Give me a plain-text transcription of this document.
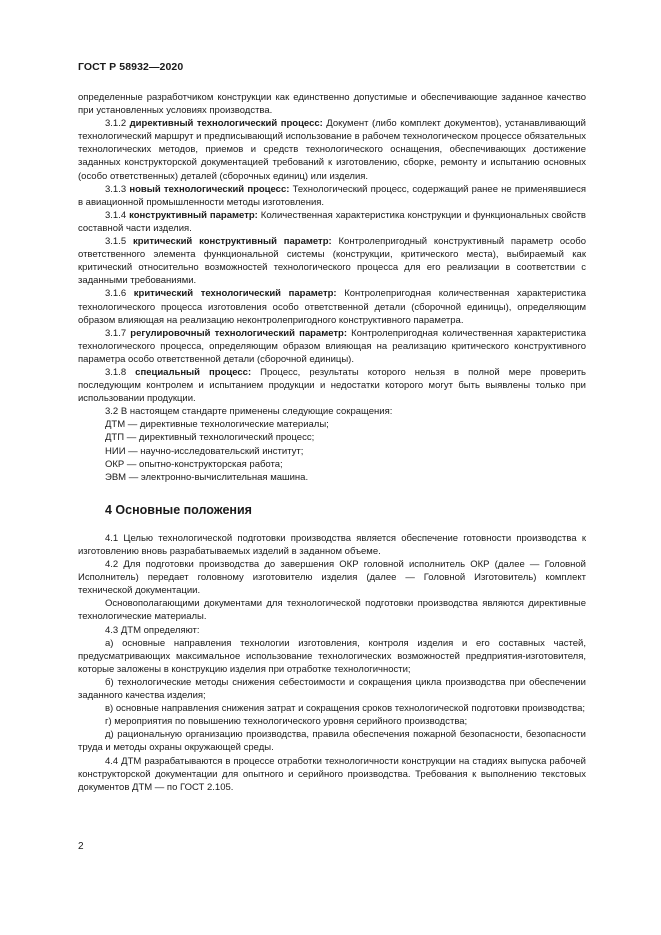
ГОСТ Р 58932—2020

определенные разработчиком конструкции как единственно допустимые и обеспечивающие заданное качество при установленных условиях производства.

3.1.2 директивный технологический процесс: Документ (либо комплект документов), устанавливающий технологический маршрут и предписывающий использование в рабочем технологическом процессе обязательных технологических методов, приемов и средств технологического оснащения, обеспечивающих достижение заданных конструкторской документацией требований к изготовлению, сборке, ремонту и испытанию основных (особо ответственных) деталей (сборочных единиц) или изделия.

3.1.3 новый технологический процесс: Технологический процесс, содержащий ранее не применявшиеся в авиационной промышленности методы изготовления.

3.1.4 конструктивный параметр: Количественная характеристика конструкции и функциональных свойств составной части изделия.

3.1.5 критический конструктивный параметр: Контролепригодный конструктивный параметр особо ответственного элемента функциональной системы (конструкции, критического места), выбираемый как критический относительно возможностей технологического процесса для его реализации в соответствии с заданными требованиями.

3.1.6 критический технологический параметр: Контролепригодная количественная характеристика технологического процесса изготовления особо ответственной детали (сборочной единицы), определяющим образом влияющая на реализацию неконтролепригодного конструктивного параметра.

3.1.7 регулировочный технологический параметр: Контролепригодная количественная характеристика технологического процесса, определяющим образом влияющая на реализацию критического конструктивного параметра особо ответственной детали (сборочной единицы).

3.1.8 специальный процесс: Процесс, результаты которого нельзя в полной мере проверить последующим контролем и испытанием продукции и недостатки которого могут быть выявлены только при использовании продукции.

3.2 В настоящем стандарте применены следующие сокращения:

ДТМ — директивные технологические материалы;

ДТП — директивный технологический процесс;

НИИ — научно-исследовательский институт;

ОКР — опытно-конструкторская работа;

ЭВМ — электронно-вычислительная машина.

4 Основные положения

4.1 Целью технологической подготовки производства является обеспечение готовности производства к изготовлению вновь разрабатываемых изделий в заданном объеме.

4.2 Для подготовки производства до завершения ОКР головной исполнитель ОКР (далее — Головной Исполнитель) передает головному изготовителю изделия (далее — Головной Изготовитель) комплект технической документации.

Основополагающими документами для технологической подготовки производства являются директивные технологические материалы.

4.3 ДТМ определяют:

а) основные направления технологии изготовления, контроля изделия и его составных частей, предусматривающих максимальное использование технологических возможностей предприятия-изготовителя, которые заложены в конструкцию изделия при отработке технологичности;

б) технологические методы снижения себестоимости и сокращения цикла производства при обеспечении заданного качества изделия;

в) основные направления снижения затрат и сокращения сроков технологической подготовки производства;

г) мероприятия по повышению технологического уровня серийного производства;

д) рациональную организацию производства, правила обеспечения пожарной безопасности, безопасности труда и методы охраны окружающей среды.

4.4 ДТМ разрабатываются в процессе отработки технологичности конструкции на стадиях выпуска рабочей конструкторской документации для опытного и серийного производства. Требования к выполнению текстовых документов ДТМ — по ГОСТ 2.105.

2
